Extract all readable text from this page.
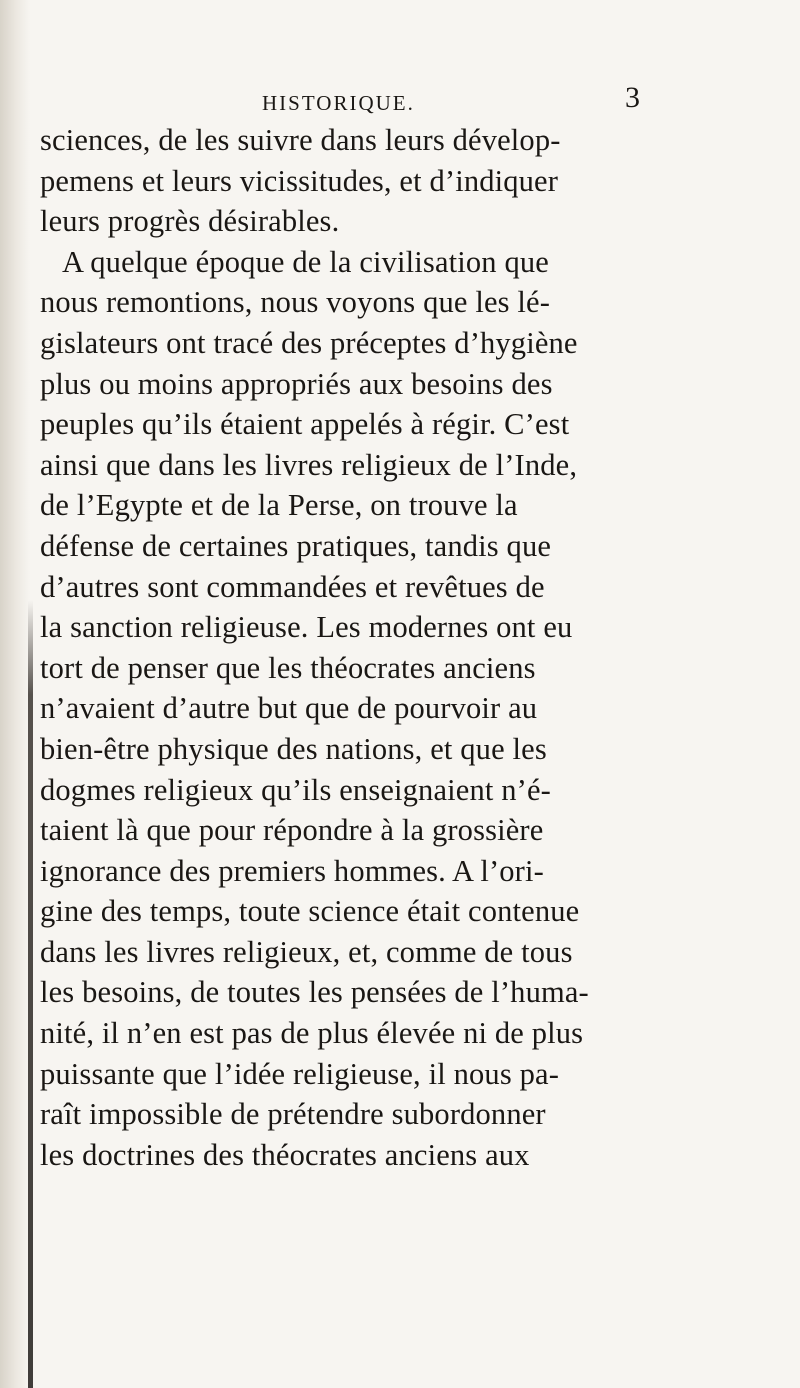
HISTORIQUE.	3
sciences, de les suivre dans leurs dévelop-
pemens et leurs vicissitudes, et d’indiquer
leurs progrès désirables.
A quelque époque de la civilisation que
nous remontions, nous voyons que les lé-
gislateurs ont tracé des préceptes d’hygiène
plus ou moins appropriés aux besoins des
peuples qu’ils étaient appelés à régir. C’est
ainsi que dans les livres religieux de l’Inde,
de l’Egypte et de la Perse, on trouve la
défense de certaines pratiques, tandis que
d’autres sont commandées et revêtues de
la sanction religieuse. Les modernes ont eu
tort de penser que les théocrates anciens
n’avaient d’autre but que de pourvoir au
bien-être physique des nations, et que les
dogmes religieux qu’ils enseignaient n’é-
taient là que pour répondre à la grossière
ignorance des premiers hommes. A l’ori-
gine des temps, toute science était contenue
dans les livres religieux, et, comme de tous
les besoins, de toutes les pensées de l’huma-
nité, il n’en est pas de plus élevée ni de plus
puissante que l’idée religieuse, il nous pa-
raît impossible de prétendre subordonner
les doctrines des théocrates anciens aux
